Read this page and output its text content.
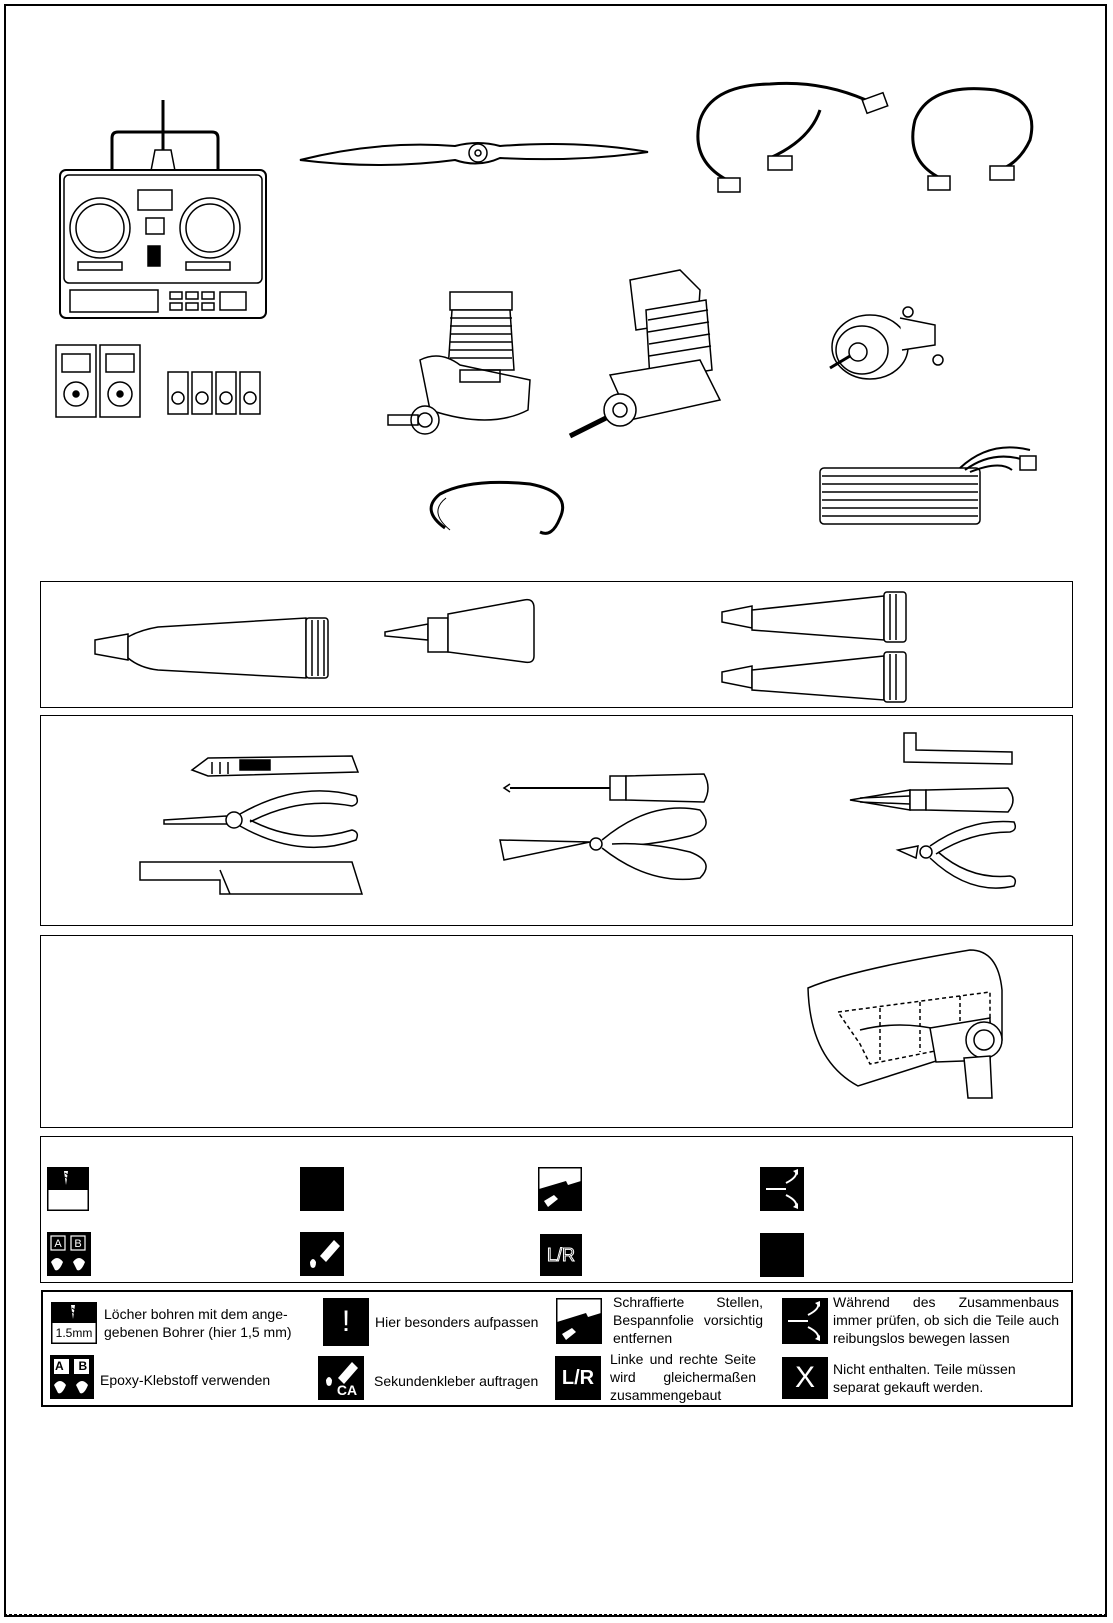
A B
L/R
1.5mm
Löcher bohren mit dem ange-gebenen Bohrer (hier 1,5 mm)	!	Hier besonders aufpassen
Schraffierte Stellen, Bespannfolie vorsichtig entfernen
Während des Zusammenbaus immer prüfen, ob sich die Teile auch reibungslos bewegen lassen
A B
Epoxy-Klebstoff verwenden
CA
Sekundenkleber auftragen	L/R
Linke und rechte Seite wird gleichermaßen zusammengebaut
X	Nicht enthalten. Teile müssen separat gekauft werden.
